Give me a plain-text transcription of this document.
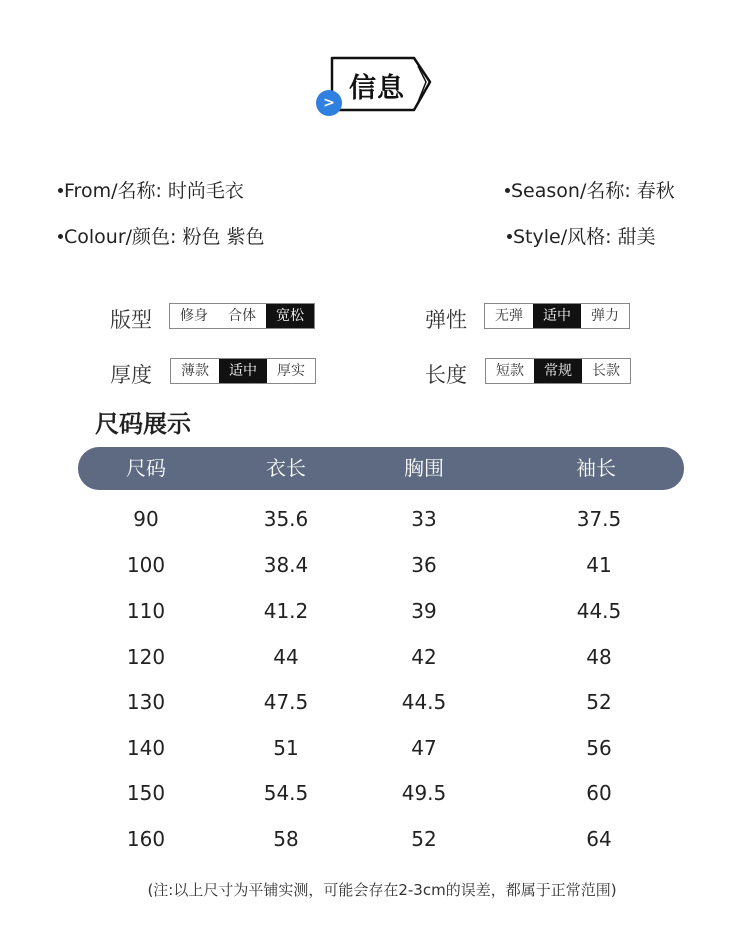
信息
>
From/名称: 时尚毛衣	Season/名称: 春秋
Colour/颜色: 粉色 紫色	Style/风格: 甜美
版型	修身	合体	宽松	弹性	无弹	适中	弹力
厚度	薄款	适中	厚实	长度	短款	常规	长款
尺码展示
尺码	衣长	胸围	袖长
90	35.6	33	37.5
100	38.4	36	41
110	41.2	39	44.5
120	44	42	48
130	47.5	44.5	52
140	51	47	56
150	54.5	49.5	60
160	58	52	64
(注:以上尺寸为平铺实测，可能会存在2-3cm的误差，都属于正常范围)
